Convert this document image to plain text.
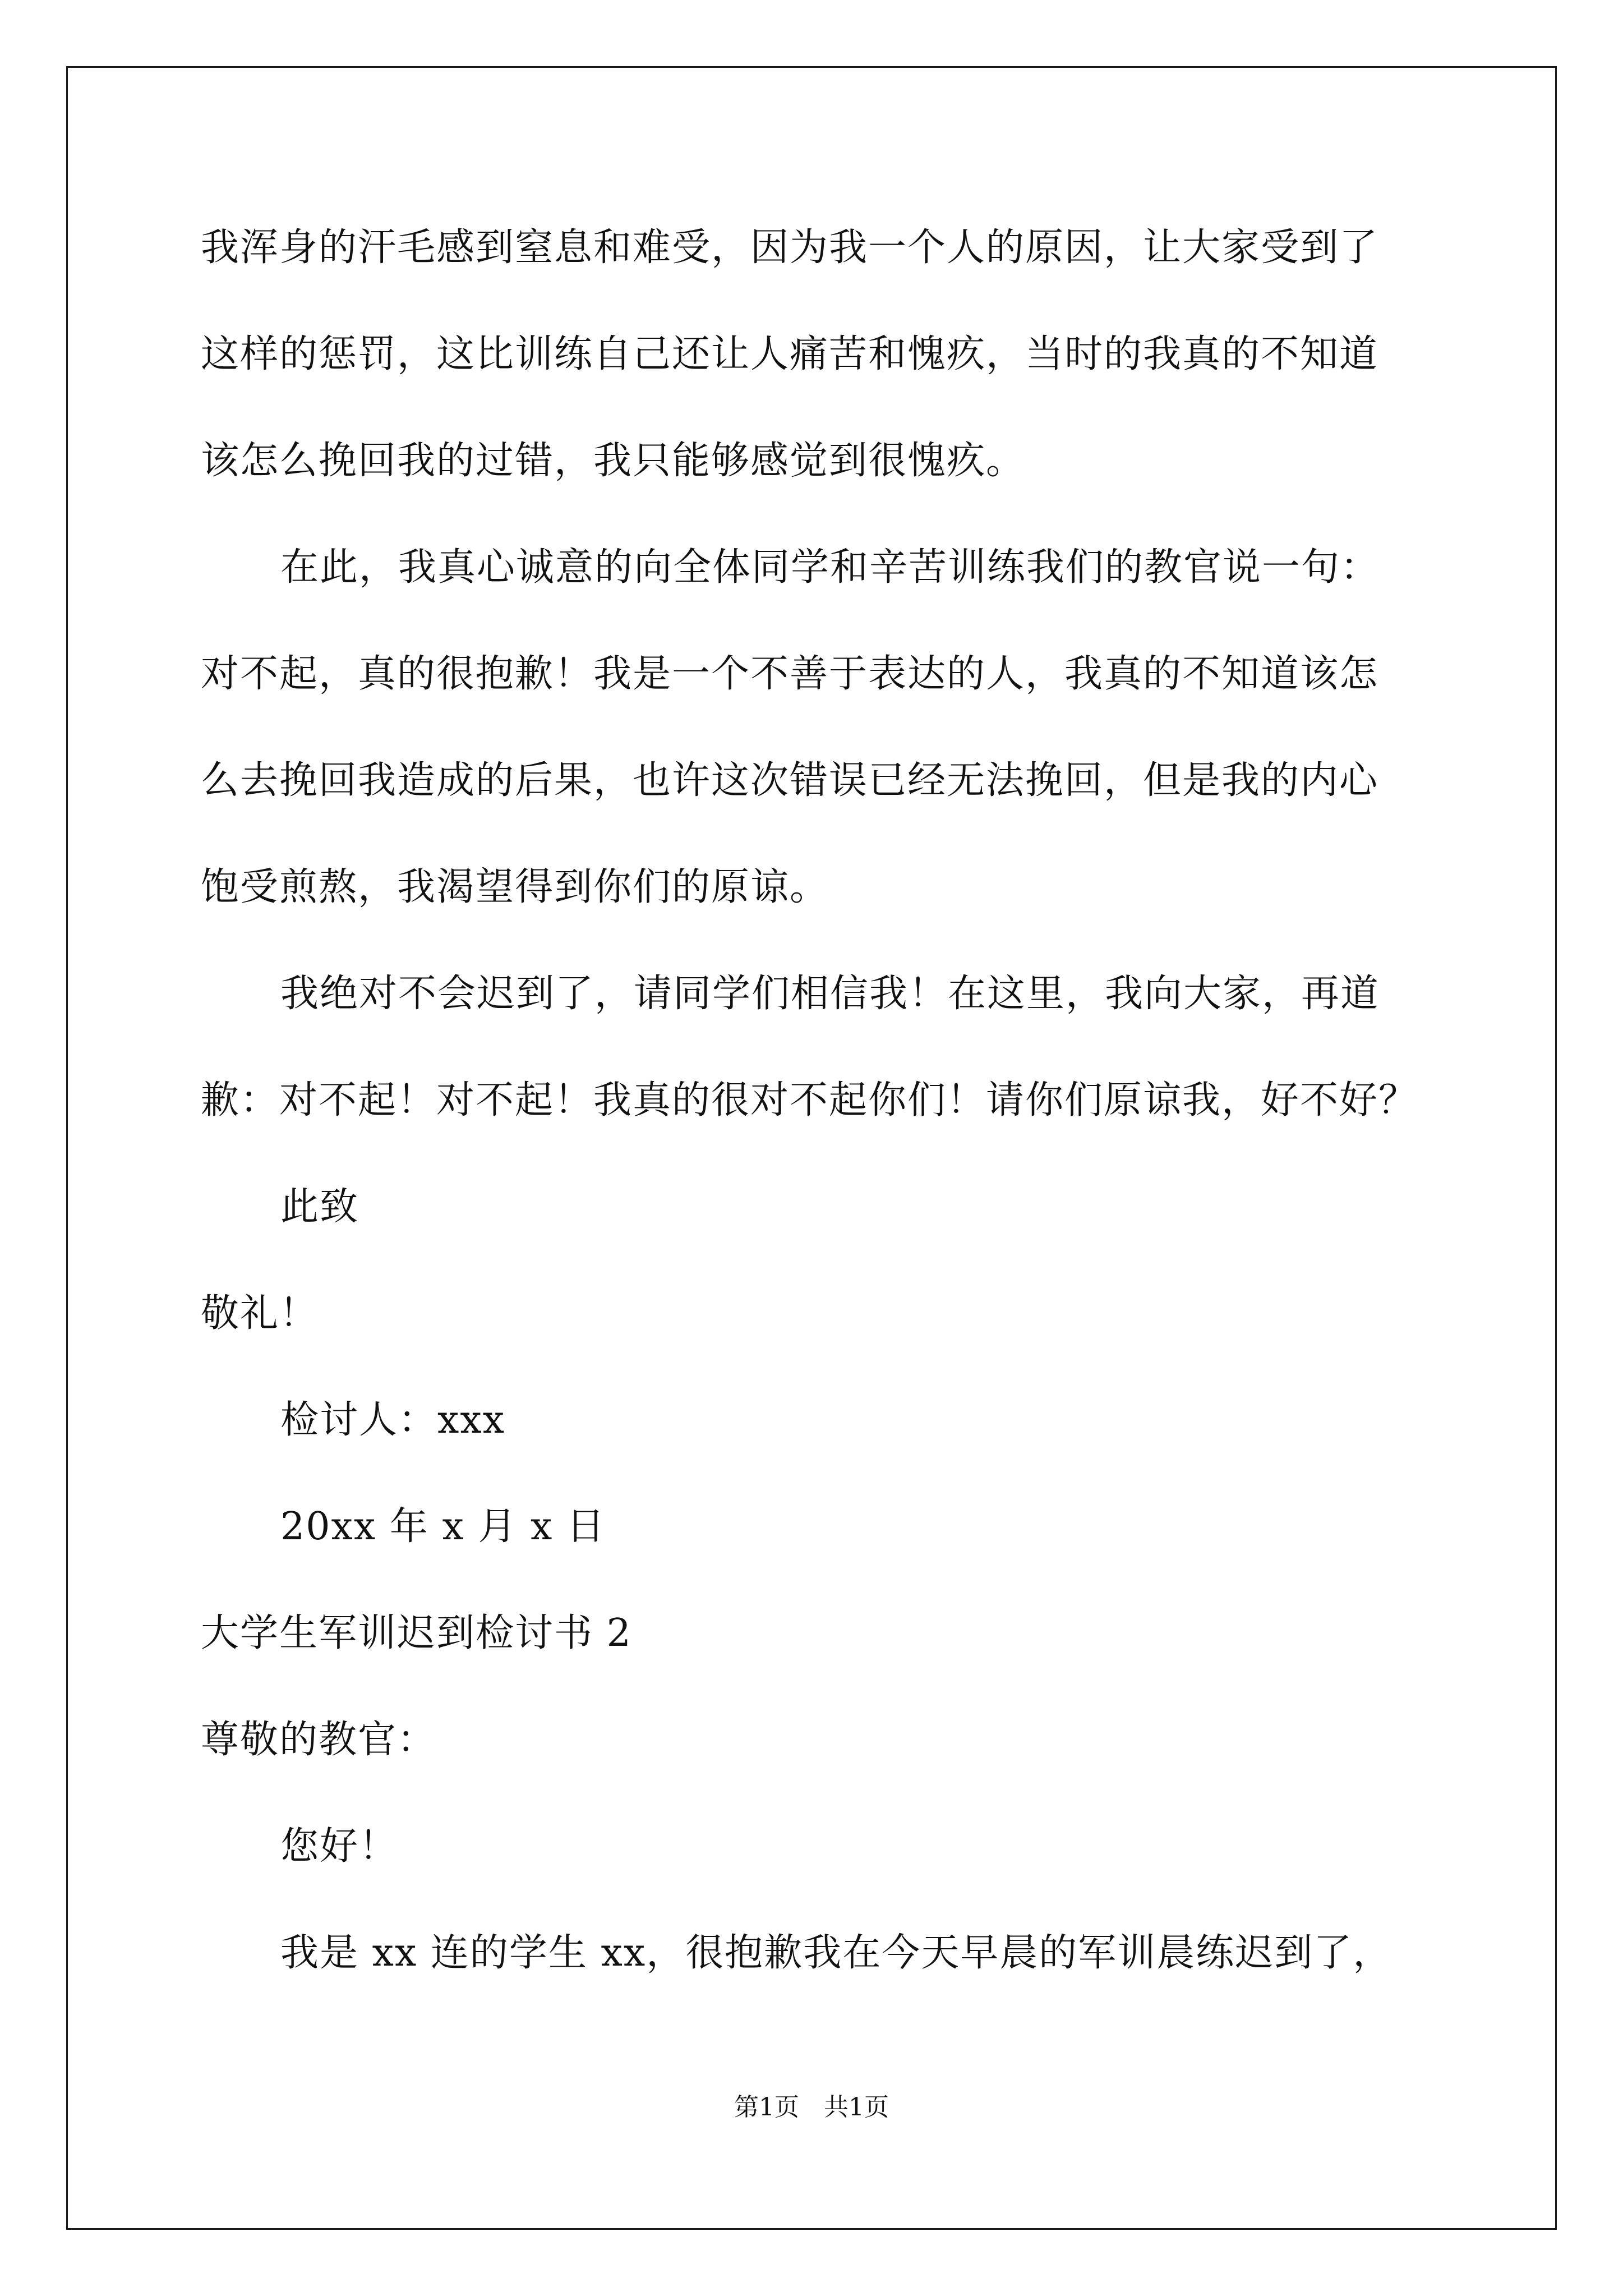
我浑身的汗毛感到窒息和难受，因为我一个人的原因，让大家受到了
这样的惩罚，这比训练自己还让人痛苦和愧疚，当时的我真的不知道
该怎么挽回我的过错，我只能够感觉到很愧疚。
在此，我真心诚意的向全体同学和辛苦训练我们的教官说一句：
对不起，真的很抱歉！我是一个不善于表达的人，我真的不知道该怎
么去挽回我造成的后果，也许这次错误已经无法挽回，但是我的内心
饱受煎熬，我渴望得到你们的原谅。
我绝对不会迟到了，请同学们相信我！在这里，我向大家，再道
歉：对不起！对不起！我真的很对不起你们！请你们原谅我，好不好？
此致
敬礼！
检讨人：xxx
20xx 年 x 月 x 日
大学生军训迟到检讨书 2
尊敬的教官：
您好！
我是 xx 连的学生 xx，很抱歉我在今天早晨的军训晨练迟到了，
第1页 共1页
